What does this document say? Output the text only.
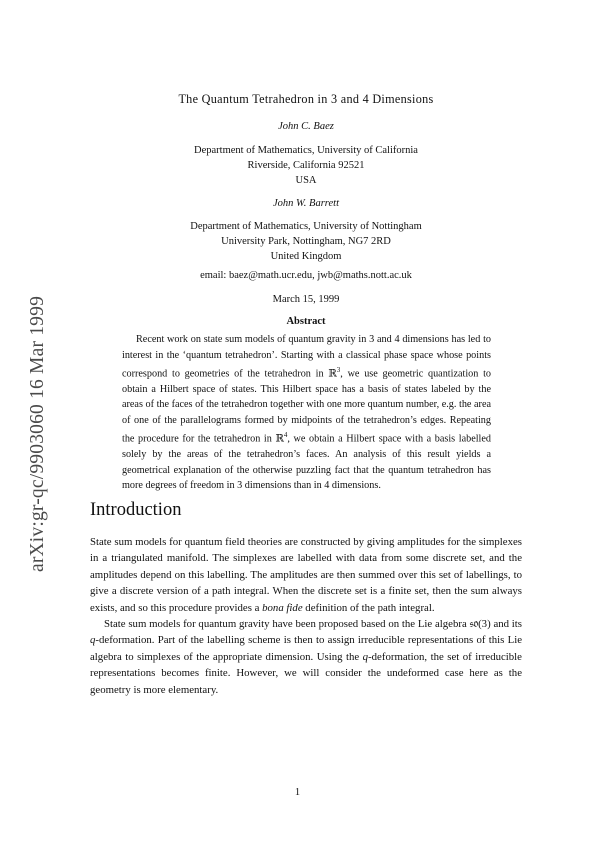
arXiv:gr-qc/9903060 16 Mar 1999
The Quantum Tetrahedron in 3 and 4 Dimensions
John C. Baez
Department of Mathematics, University of California
Riverside, California 92521
USA
John W. Barrett
Department of Mathematics, University of Nottingham
University Park, Nottingham, NG7 2RD
United Kingdom
email: baez@math.ucr.edu, jwb@maths.nott.ac.uk
March 15, 1999
Abstract
Recent work on state sum models of quantum gravity in 3 and 4 dimensions has led to interest in the ‘quantum tetrahedron’. Starting with a classical phase space whose points correspond to geometries of the tetrahedron in ℝ$^3$, we use geometric quantization to obtain a Hilbert space of states. This Hilbert space has a basis of states labeled by the areas of the faces of the tetrahedron together with one more quantum number, e.g. the area of one of the parallelograms formed by midpoints of the tetrahedron’s edges. Repeating the procedure for the tetrahedron in ℝ$^4$, we obtain a Hilbert space with a basis labelled solely by the areas of the tetrahedron’s faces. An analysis of this result yields a geometrical explanation of the otherwise puzzling fact that the quantum tetrahedron has more degrees of freedom in 3 dimensions than in 4 dimensions.
Introduction

State sum models for quantum field theories are constructed by giving amplitudes for the simplexes in a triangulated manifold. The simplexes are labelled with data from some discrete set, and the amplitudes depend on this labelling. The amplitudes are then summed over this set of labellings, to give a discrete version of a path integral. When the discrete set is a finite set, then the sum always exists, and so this procedure provides a bona fide definition of the path integral.

State sum models for quantum gravity have been proposed based on the Lie algebra 𝔰𝔬(3) and its q-deformation. Part of the labelling scheme is then to assign irreducible representations of this Lie algebra to simplexes of the appropriate dimension. Using the q-deformation, the set of irreducible representations becomes finite. However, we will consider the undeformed case here as the geometry is more elementary.

1
